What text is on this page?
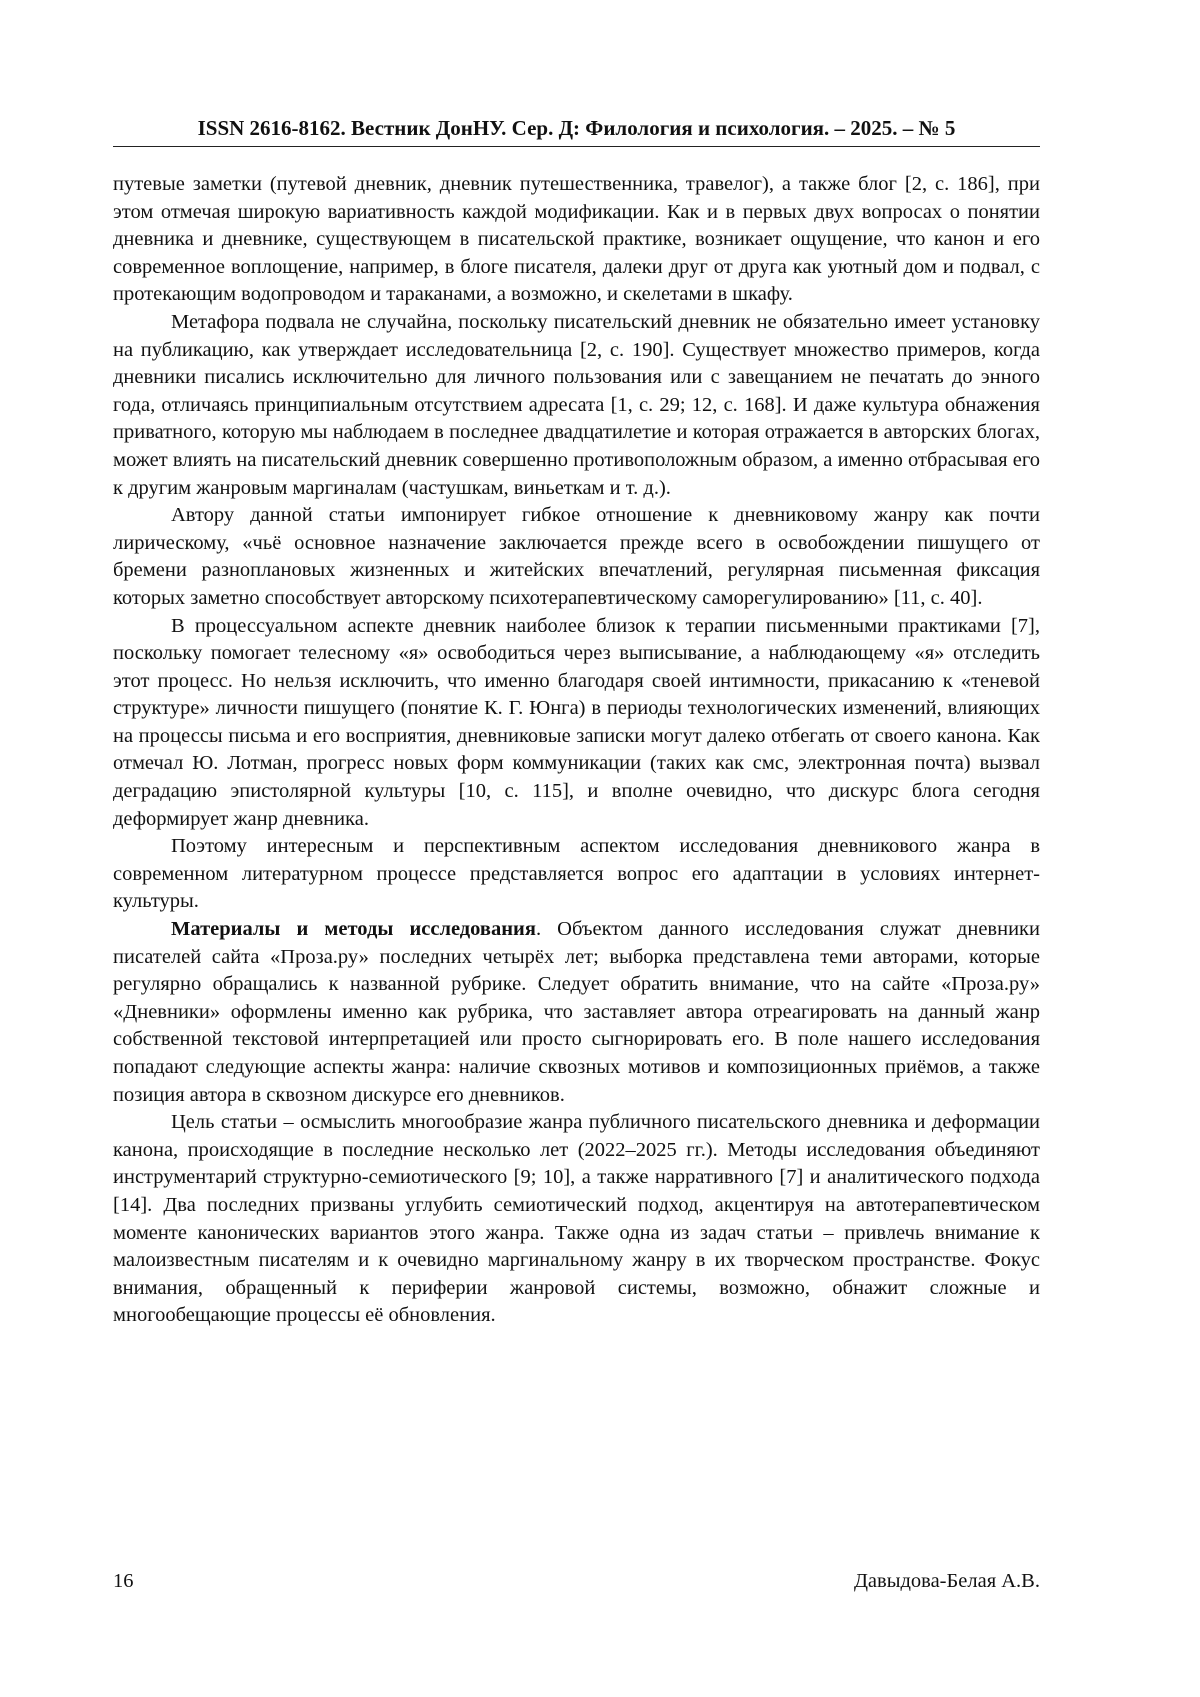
ISSN 2616-8162. Вестник ДонНУ. Сер. Д: Филология и психология. – 2025. – № 5

путевые заметки (путевой дневник, дневник путешественника, травелог), а также блог [2, с. 186], при этом отмечая широкую вариативность каждой модификации. Как и в первых двух вопросах о понятии дневника и дневнике, существующем в писательской практике, возникает ощущение, что канон и его современное воплощение, например, в блоге писателя, далеки друг от друга как уютный дом и подвал, с протекающим водопроводом и тараканами, а возможно, и скелетами в шкафу.

Метафора подвала не случайна, поскольку писательский дневник не обязательно имеет установку на публикацию, как утверждает исследовательница [2, с. 190]. Существует множество примеров, когда дневники писались исключительно для личного пользования или с завещанием не печатать до энного года, отличаясь принципиальным отсутствием адресата [1, с. 29; 12, с. 168]. И даже культура обнажения приватного, которую мы наблюдаем в последнее двадцатилетие и которая отражается в авторских блогах, может влиять на писательский дневник совершенно противоположным образом, а именно отбрасывая его к другим жанровым маргиналам (частушкам, виньеткам и т. д.).

Автору данной статьи импонирует гибкое отношение к дневниковому жанру как почти лирическому, «чьё основное назначение заключается прежде всего в освобождении пишущего от бремени разноплановых жизненных и житейских впечатлений, регулярная письменная фиксация которых заметно способствует авторскому психотерапевтическому саморегулированию» [11, с. 40].

В процессуальном аспекте дневник наиболее близок к терапии письменными практиками [7], поскольку помогает телесному «я» освободиться через выписывание, а наблюдающему «я» отследить этот процесс. Но нельзя исключить, что именно благодаря своей интимности, прикасанию к «теневой структуре» личности пишущего (понятие К. Г. Юнга) в периоды технологических изменений, влияющих на процессы письма и его восприятия, дневниковые записки могут далеко отбегать от своего канона. Как отмечал Ю. Лотман, прогресс новых форм коммуникации (таких как смс, электронная почта) вызвал деградацию эпистолярной культуры [10, с. 115], и вполне очевидно, что дискурс блога сегодня деформирует жанр дневника.

Поэтому интересным и перспективным аспектом исследования дневникового жанра в современном литературном процессе представляется вопрос его адаптации в условиях интернет-культуры.

Материалы и методы исследования. Объектом данного исследования служат дневники писателей сайта «Проза.ру» последних четырёх лет; выборка представлена теми авторами, которые регулярно обращались к названной рубрике. Следует обратить внимание, что на сайте «Проза.ру» «Дневники» оформлены именно как рубрика, что заставляет автора отреагировать на данный жанр собственной текстовой интерпретацией или просто сыгнорировать его. В поле нашего исследования попадают следующие аспекты жанра: наличие сквозных мотивов и композиционных приёмов, а также позиция автора в сквозном дискурсе его дневников.

Цель статьи – осмыслить многообразие жанра публичного писательского дневника и деформации канона, происходящие в последние несколько лет (2022–2025 гг.). Методы исследования объединяют инструментарий структурно-семиотического [9; 10], а также нарративного [7] и аналитического подхода [14]. Два последних призваны углубить семиотический подход, акцентируя на автотерапевтическом моменте канонических вариантов этого жанра. Также одна из задач статьи – привлечь внимание к малоизвестным писателям и к очевидно маргинальному жанру в их творческом пространстве. Фокус внимания, обращенный к периферии жанровой системы, возможно, обнажит сложные и многообещающие процессы её обновления.

16	Давыдова-Белая А.В.
